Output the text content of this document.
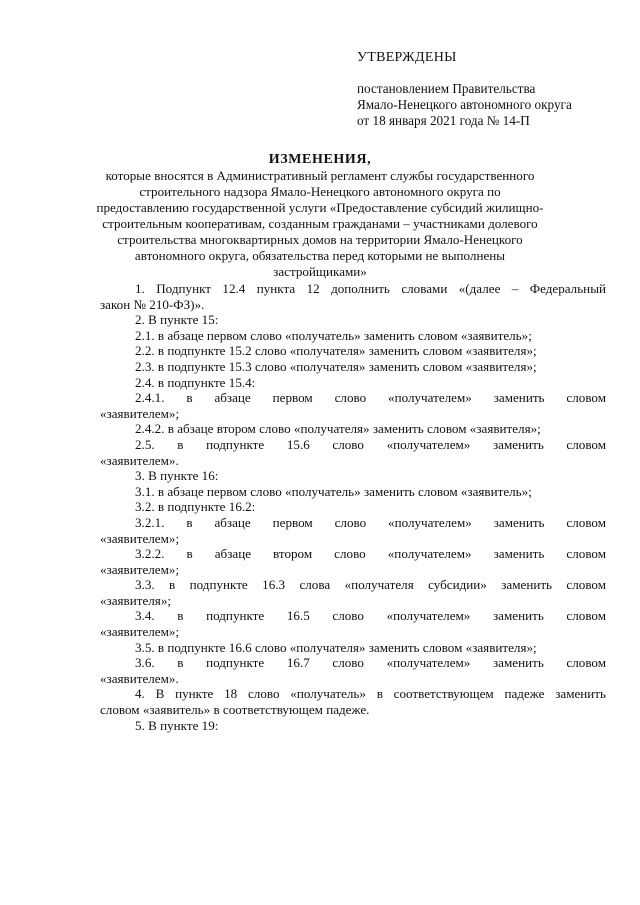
УТВЕРЖДЕНЫ
постановлением Правительства
Ямало-Ненецкого автономного округа
от 18 января 2021 года № 14-П
ИЗМЕНЕНИЯ,
которые вносятся в Административный регламент службы государственного
строительного надзора Ямало-Ненецкого автономного округа по
предоставлению государственной услуги «Предоставление субсидий жилищно-
строительным кооперативам, созданным гражданами – участниками долевого
строительства многоквартирных домов на территории Ямало-Ненецкого
автономного округа, обязательства перед которыми не выполнены
застройщиками»
1. Подпункт 12.4 пункта 12 дополнить словами «(далее – Федеральный
закон № 210-ФЗ)».
2. В пункте 15:
2.1. в абзаце первом слово «получатель» заменить словом «заявитель»;
2.2. в подпункте 15.2 слово «получателя» заменить словом «заявителя»;
2.3. в подпункте 15.3 слово «получателя» заменить словом «заявителя»;
2.4. в подпункте 15.4:
2.4.1. в абзаце первом слово «получателем» заменить словом
«заявителем»;
2.4.2. в абзаце втором слово «получателя» заменить словом «заявителя»;
2.5. в подпункте 15.6 слово «получателем» заменить словом
«заявителем».
3. В пункте 16:
3.1. в абзаце первом слово «получатель» заменить словом «заявитель»;
3.2. в подпункте 16.2:
3.2.1. в абзаце первом слово «получателем» заменить словом
«заявителем»;
3.2.2. в абзаце втором слово «получателем» заменить словом
«заявителем»;
3.3. в подпункте 16.3 слова «получателя субсидии» заменить словом
«заявителя»;
3.4. в подпункте 16.5 слово «получателем» заменить словом
«заявителем»;
3.5. в подпункте 16.6 слово «получателя» заменить словом «заявителя»;
3.6. в подпункте 16.7 слово «получателем» заменить словом
«заявителем».
4. В пункте 18 слово «получатель» в соответствующем падеже заменить
словом «заявитель» в соответствующем падеже.
5. В пункте 19:
